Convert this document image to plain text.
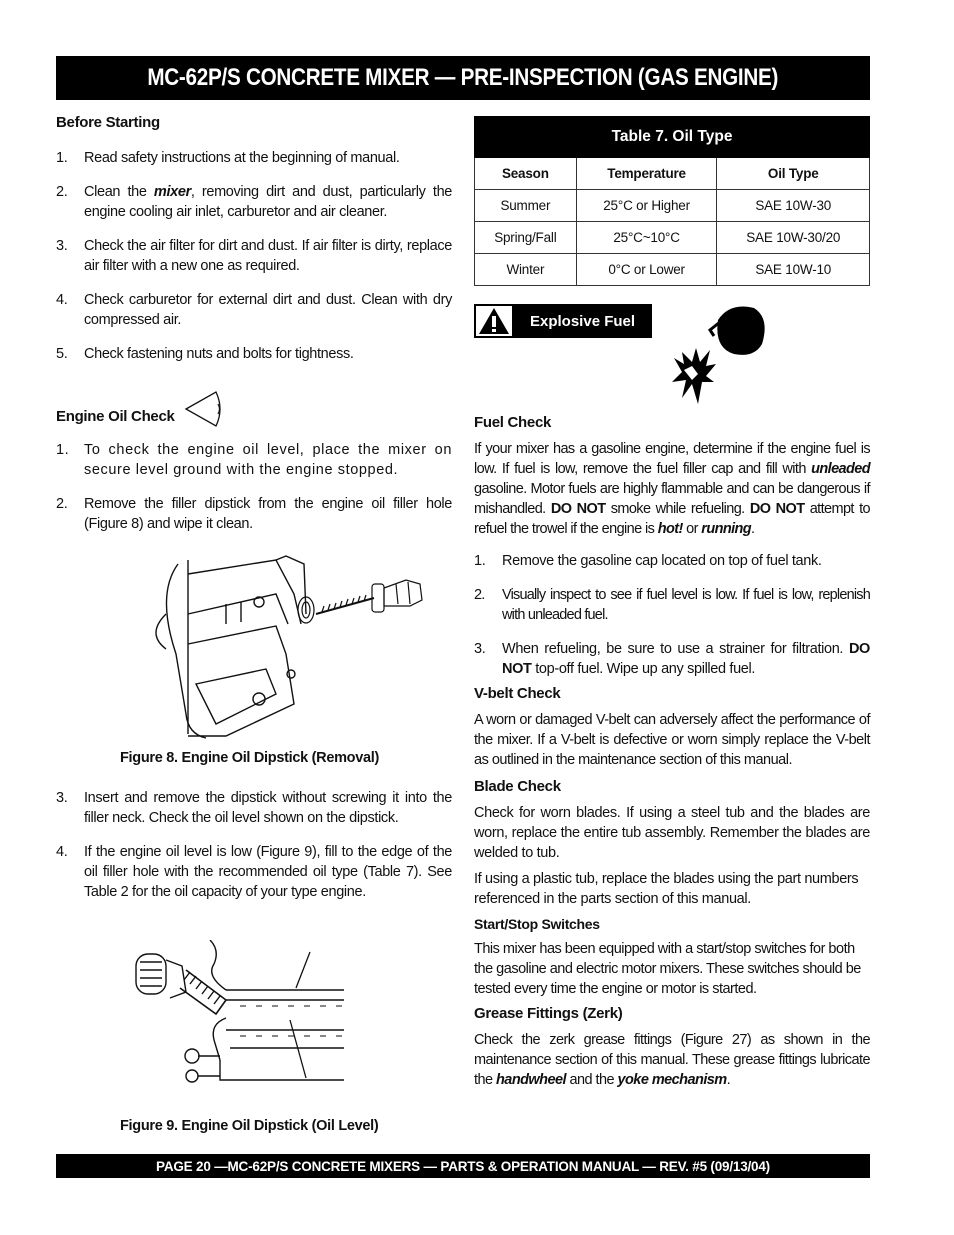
MC-62P/S CONCRETE MIXER — PRE-INSPECTION (GAS ENGINE)
Before Starting
1. Read safety instructions at the beginning of manual.
2. Clean the mixer, removing dirt and dust, particularly the engine cooling air inlet, carburetor and air cleaner.
3. Check the air filter for dirt and dust. If air filter is dirty, replace air filter with a new one as required.
4. Check carburetor for external dirt and dust. Clean with dry compressed air.
5. Check fastening nuts and bolts for tightness.
Engine Oil Check
1. To check the engine oil level, place the mixer on secure level ground with the engine stopped.
2. Remove the filler dipstick from the engine oil filler hole (Figure 8) and wipe it clean.
Figure 8. Engine Oil Dipstick (Removal)
3. Insert and remove the dipstick without screwing it into the filler neck. Check the oil level shown on the dipstick.
4. If the engine oil level is low (Figure 9), fill to the edge of the oil filler hole with the recommended oil type (Table 7). See Table 2 for the oil capacity of your type engine.
Figure 9. Engine Oil Dipstick (Oil Level)
Table 7. Oil Type		
Season	Temperature	Oil Type
Summer	25°C or Higher	SAE 10W-30
Spring/Fall	25°C~10°C	SAE 10W-30/20
Winter	0°C or Lower	SAE 10W-10
Explosive Fuel
Fuel Check
If your mixer has a gasoline engine, determine if the engine fuel is low. If fuel is low, remove the fuel filler cap and fill with unleaded gasoline. Motor fuels are highly flammable and can be dangerous if mishandled. DO NOT smoke while refueling. DO NOT attempt to refuel the trowel if the engine is hot! or running.
1. Remove the gasoline cap located on top of fuel tank.
2. Visually inspect to see if fuel level is low. If fuel is low, replenish with unleaded fuel.
3. When refueling, be sure to use a strainer for filtration. DO NOT top-off fuel. Wipe up any spilled fuel.
V-belt Check
A worn or damaged V-belt can adversely affect the performance of the mixer. If a V-belt is defective or worn simply replace the V-belt as outlined in the maintenance section of this manual.
Blade Check
Check for worn blades. If using a steel tub and the blades are worn, replace the entire tub assembly. Remember the blades are welded to tub.
If using a plastic tub, replace the blades using the part numbers referenced in the parts section of this manual.
Start/Stop Switches
This mixer has been equipped with a start/stop switches for both the gasoline and electric motor mixers. These switches should be tested every time the engine or motor is started.
Grease Fittings (Zerk)
Check the zerk grease fittings (Figure 27) as shown in the maintenance section of this manual. These grease fittings lubricate the handwheel and the yoke mechanism.
PAGE 20 —MC-62P/S CONCRETE MIXERS — PARTS & OPERATION MANUAL — REV. #5 (09/13/04)
